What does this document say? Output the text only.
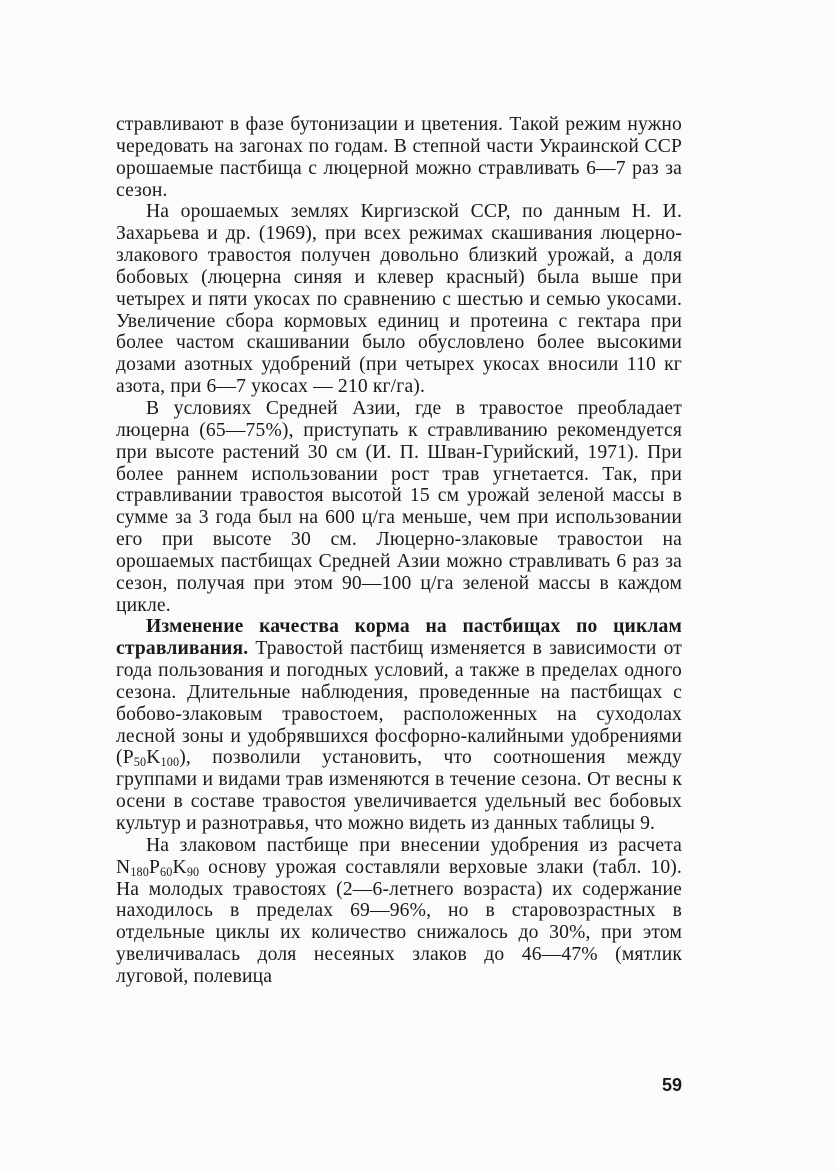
стравливают в фазе бутонизации и цветения. Такой режим нужно чередовать на загонах по годам. В степной части Украинской ССР орошаемые пастбища с люцерной можно стравливать 6—7 раз за сезон.

На орошаемых землях Киргизской ССР, по данным Н. И. Захарьева и др. (1969), при всех режимах скашивания люцерно-злакового травостоя получен довольно близкий урожай, а доля бобовых (люцерна синяя и клевер красный) была выше при четырех и пяти укосах по сравнению с шестью и семью укосами. Увеличение сбора кормовых единиц и протеина с гектара при более частом скашивании было обусловлено более высокими дозами азотных удобрений (при четырех укосах вносили 110 кг азота, при 6—7 укосах — 210 кг/га).

В условиях Средней Азии, где в травостое преобладает люцерна (65—75%), приступать к стравливанию рекомендуется при высоте растений 30 см (И. П. Шван-Гурийский, 1971). При более раннем использовании рост трав угнетается. Так, при стравливании травостоя высотой 15 см урожай зеленой массы в сумме за 3 года был на 600 ц/га меньше, чем при использовании его при высоте 30 см. Люцерно-злаковые травостои на орошаемых пастбищах Средней Азии можно стравливать 6 раз за сезон, получая при этом 90—100 ц/га зеленой массы в каждом цикле.

Изменение качества корма на пастбищах по циклам стравливания. Травостой пастбищ изменяется в зависимости от года пользования и погодных условий, а также в пределах одного сезона. Длительные наблюдения, проведенные на пастбищах с бобово-злаковым травостоем, расположенных на суходолах лесной зоны и удобрявшихся фосфорно-калийными удобрениями $(P_{50}K_{100})$, позволили установить, что соотношения между группами и видами трав изменяются в течение сезона. От весны к осени в составе травостоя увеличивается удельный вес бобовых культур и разнотравья, что можно видеть из данных таблицы 9.

На злаковом пастбище при внесении удобрения из расчета $N_{180}P_{60}K_{90}$ основу урожая составляли верховые злаки (табл. 10). На молодых травостоях (2—6-летнего возраста) их содержание находилось в пределах 69—96%, но в старовозрастных в отдельные циклы их количество снижалось до 30%, при этом увеличивалась доля несеяных злаков до 46—47% (мятлик луговой, полевица

59
